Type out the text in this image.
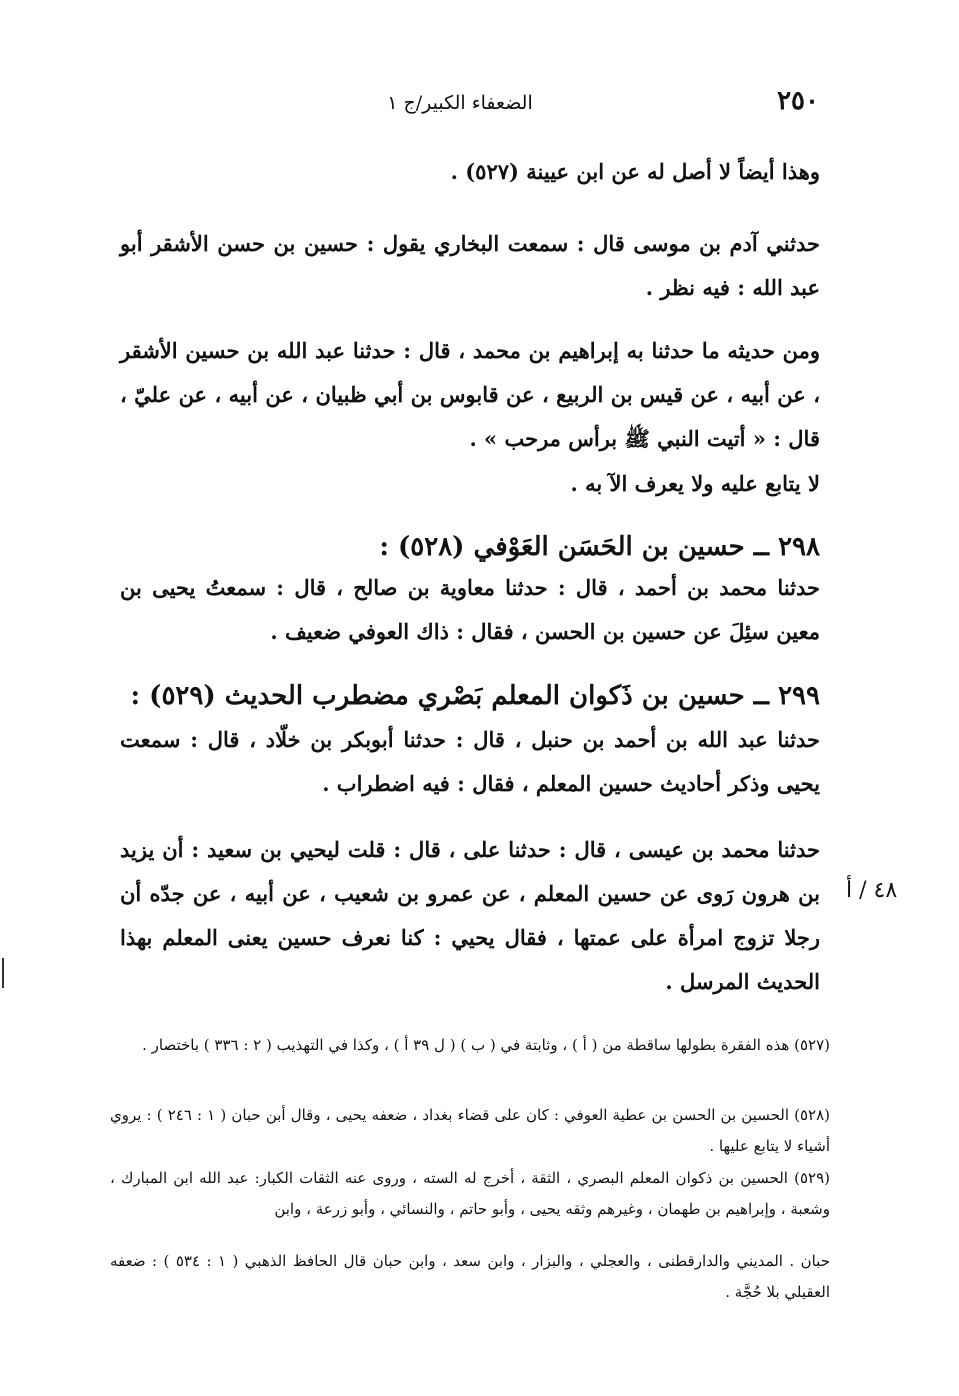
٢٥٠
الضعفاء الكبير/ج ١
٤٨ / أ
وهذا أيضاً لا أصل له عن ابن عيينة (٥٢٧) .
حدثني آدم بن موسى قال : سمعت البخاري يقول : حسين بن حسن الأشقر أبو عبد الله : فيه نظر .
ومن حديثه ما حدثنا به إبراهيم بن محمد ، قال : حدثنا عبد الله بن حسين الأشقر ، عن أبيه ، عن قيس بن الربيع ، عن قابوس بن أبي ظبيان ، عن أبيه ، عن عليّ ، قال : « أتيت النبي ﷺ برأس مرحب » .
لا يتابع عليه ولا يعرف الآ به .
٢٩٨ ــ حسين بن الحَسَن العَوْفي (٥٢٨) :
حدثنا محمد بن أحمد ، قال : حدثنا معاوية بن صالح ، قال : سمعتُ يحيى بن معين سئِلَ عن حسين بن الحسن ، فقال : ذاك العوفي ضعيف .
٢٩٩ ــ حسين بن ذَكوان المعلم بَصْري مضطرب الحديث (٥٢٩) :
حدثنا عبد الله بن أحمد بن حنبل ، قال : حدثنا أبوبكر بن خلّاد ، قال : سمعت يحيى وذكر أحاديث حسين المعلم ، فقال : فيه اضطراب .
حدثنا محمد بن عيسى ، قال : حدثنا على ، قال : قلت ليحيي بن سعيد : أن يزيد بن هرون رَوى عن حسين المعلم ، عن عمرو بن شعيب ، عن أبيه ، عن جدّه أن رجلا تزوج امرأة على عمتها ، فقال يحيي : كنا نعرف حسين يعنى المعلم بهذا الحديث المرسل .
(٥٢٧) هذه الفقرة بطولها ساقطة من ( أ ) ، وثابتة في ( ب ) ( ل ٣٩ أ ) ، وكذا في التهذيب ( ٢ : ٣٣٦ ) باختصار .
(٥٢٨) الحسين بن الحسن بن عطية العوفي : كان على قضاء بغداد ، ضعفه يحيى ، وقال أبن حبان ( ١ : ٢٤٦ ) : يروي أشياء لا يتابع عليها .
(٥٢٩) الحسين بن ذكوان المعلم البصري ، الثقة ، أخرج له السته ، وروى عنه الثقات الكبار: عبد الله ابن المبارك ، وشعبة ، وإبراهيم بن طهمان ، وغيرهم وثقه يحيى ، وأبو حاتم ، والنسائي ، وأبو زرعة ، وابن
حبان . المديني والدارقطنى ، والعجلي ، والبزار ، وابن سعد ، وابن حبان قال الحافظ الذهبي ( ١ : ٥٣٤ ) : ضعفه العقيلي بلا حُجَّة .
